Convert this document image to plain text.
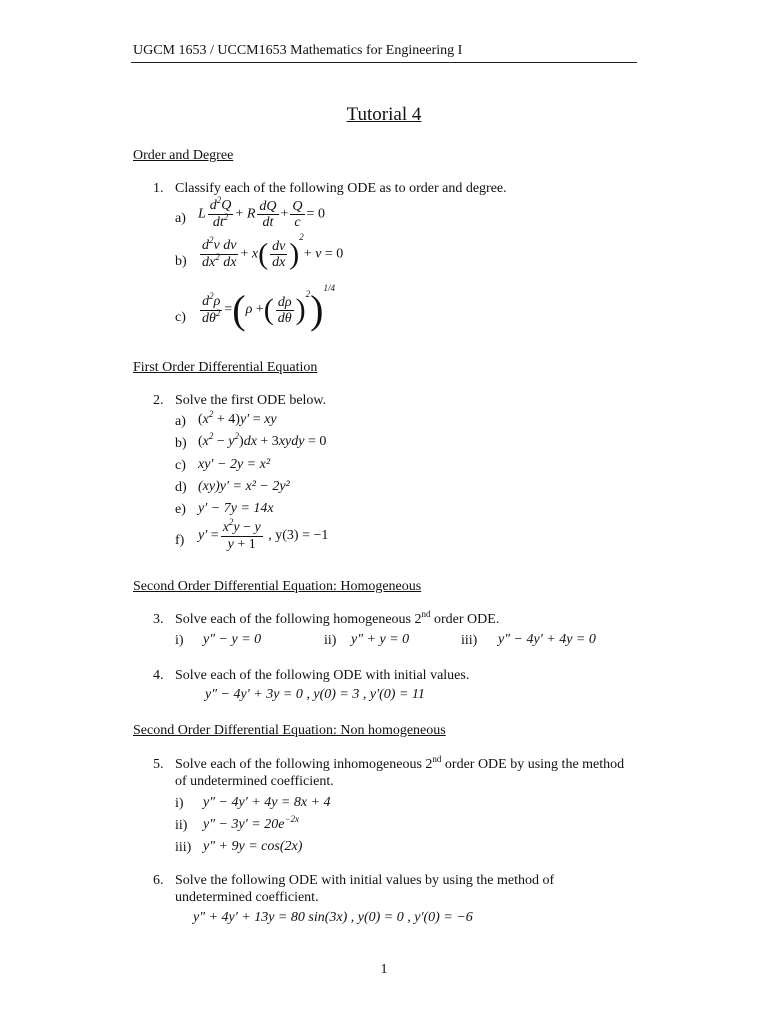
UGCM 1653 / UCCM1653 Mathematics for Engineering I
Tutorial 4
Order and Degree
1. Classify each of the following ODE as to order and degree.
a) L $\frac{d^2Q}{dt^2} + R \frac{dQ}{dt} + \frac{Q}{c} = 0$
$b) \frac{d^2v dv}{dx^2 dx} + x( \frac{dv}{dx} )^2+ v = 0$
$c) \frac{d^2\rho}{d\theta^2} =(\rho$ +( $\frac{d\rho}{d\theta} )^2)^{1/4}$
First Order Differential Equation
2. Solve the first ODE below.
a) $(x^2 + 4)y'$ = xy
b) $(x^2 - y^2)dx$ + 3xydy = 0
c) xy′ − 2y = x²
d) (xy)y′ = x² − 2y²
e) y′ − 7y = 14x
f) $y' = \frac{x^2y - y}{y + 1}$ , y(3) = −1
Second Order Differential Equation: Homogeneous
3. Solve each of the following homogeneous 2nd order ODE.
i) y″ − y = 0	ii) y″ + y = 0	iii) y″ − 4y′ + 4y = 0
4. Solve each of the following ODE with initial values.
y″ − 4y′ + 3y = 0 , y(0) = 3 , y′(0) = 11
Second Order Differential Equation: Non homogeneous
5. Solve each of the following inhomogeneous 2nd order ODE by using the method
of undetermined coefficient.
i) y″ − 4y′ + 4y = 8x + 4
ii) $y'' - 3y' = 20e^{-2x}$
iii) y″ + 9y = cos(2x)
6. Solve the following ODE with initial values by using the method of
undetermined coefficient.
y″ + 4y′ + 13y = 80 sin(3x) , y(0) = 0 , y′(0) = −6
1
